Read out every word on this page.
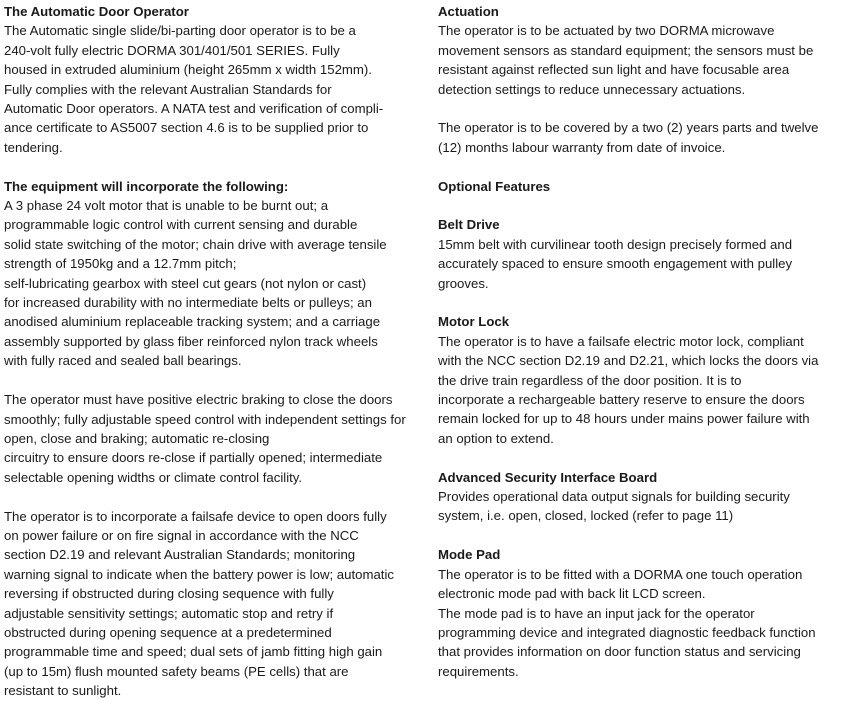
The Automatic Door Operator

The Automatic single slide/bi-parting door operator is to be a
240-volt fully electric DORMA 301/401/501 SERIES. Fully
housed in extruded aluminium (height 265mm x width 152mm).
Fully complies with the relevant Australian Standards for
Automatic Door operators. A NATA test and verification of compli-
ance certificate to AS5007 section 4.6 is to be supplied prior to
tendering.

The equipment will incorporate the following:

A 3 phase 24 volt motor that is unable to be burnt out; a
programmable logic control with current sensing and durable
solid state switching of the motor; chain drive with average tensile
strength of 1950kg and a 12.7mm pitch;
self-lubricating gearbox with steel cut gears (not nylon or cast)
for increased durability with no intermediate belts or pulleys; an
anodised aluminium replaceable tracking system; and a carriage
assembly supported by glass fiber reinforced nylon track wheels
with fully raced and sealed ball bearings.

The operator must have positive electric braking to close the doors
smoothly; fully adjustable speed control with independent settings for
open, close and braking; automatic re-closing
circuitry to ensure doors re-close if partially opened; intermediate
selectable opening widths or climate control facility.

The operator is to incorporate a failsafe device to open doors fully
on power failure or on fire signal in accordance with the NCC
section D2.19 and relevant Australian Standards; monitoring
warning signal to indicate when the battery power is low; automatic
reversing if obstructed during closing sequence with fully
adjustable sensitivity settings; automatic stop and retry if
obstructed during opening sequence at a predetermined
programmable time and speed; dual sets of jamb fitting high gain
(up to 15m) flush mounted safety beams (PE cells) that are
resistant to sunlight.

Actuation

The operator is to be actuated by two DORMA microwave
movement sensors as standard equipment; the sensors must be
resistant against reflected sun light and have focusable area
detection settings to reduce unnecessary actuations.

The operator is to be covered by a two (2) years parts and twelve
(12) months labour warranty from date of invoice.

Optional Features
Belt Drive

15mm belt with curvilinear tooth design precisely formed and
accurately spaced to ensure smooth engagement with pulley
grooves.

Motor Lock

The operator is to have a failsafe electric motor lock, compliant
with the NCC section D2.19 and D2.21, which locks the doors via
the drive train regardless of the door position. It is to
incorporate a rechargeable battery reserve to ensure the doors
remain locked for up to 48 hours under mains power failure with
an option to extend.

Advanced Security Interface Board

Provides operational data output signals for building security
system, i.e. open, closed, locked (refer to page 11)

Mode Pad

The operator is to be fitted with a DORMA one touch operation
electronic mode pad with back lit LCD screen.
The mode pad is to have an input jack for the operator
programming device and integrated diagnostic feedback function
that provides information on door function status and servicing
requirements.
